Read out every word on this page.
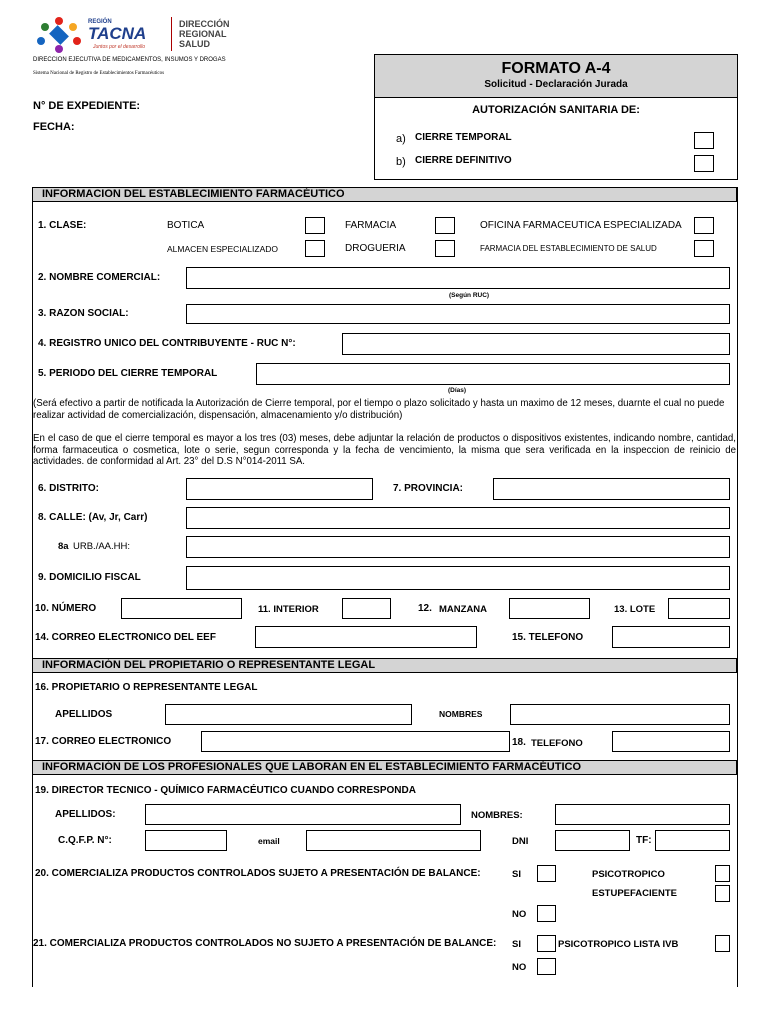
REGIÓN
TACNA
Juntos por el desarrollo
DIRECCIÓN
REGIONAL
SALUD
DIRECCION EJECUTIVA DE MEDICAMENTOS, INSUMOS Y DROGAS
Sistema Nacional de Registro de Establecimientos Farmacéuticos
N° DE EXPEDIENTE:
FECHA:
FORMATO A-4
Solicitud - Declaración Jurada
AUTORIZACIÓN SANITARIA DE:
a) CIERRE TEMPORAL
b) CIERRE DEFINITIVO
INFORMACION DEL ESTABLECIMIENTO FARMACÉUTICO
1. CLASE:	BOTICA	FARMACIA	OFICINA FARMACEUTICA ESPECIALIZADA
ALMACEN ESPECIALIZADO	DROGUERIA	FARMACIA DEL ESTABLECIMIENTO DE SALUD
2. NOMBRE COMERCIAL:
(Según RUC)
3. RAZON SOCIAL:
4. REGISTRO UNICO DEL CONTRIBUYENTE - RUC N°:
5. PERIODO DEL CIERRE TEMPORAL
(Días)
(Será efectivo a partir de notificada la Autorización de Cierre temporal, por el tiempo o plazo solicitado y hasta un maximo de 12 meses, duarnte el cual no puede realizar actividad de comercialización, dispensación, almacenamiento y/o distribución)
En el caso de que el cierre temporal es mayor a los tres (03) meses, debe adjuntar la relación de productos o dispositivos existentes, indicando nombre, cantidad, forma farmaceutica o cosmetica, lote o serie, segun corresponda y la fecha de vencimiento, la misma que sera verificada en la inspeccion de reinicio de actividades. de conformidad al Art. 23° del D.S N°014-2011 SA.
6. DISTRITO:	7. PROVINCIA:
8. CALLE: (Av, Jr, Carr)
8a URB./AA.HH:
9. DOMICILIO FISCAL
10. NÚMERO	11. INTERIOR	12. MANZANA	13. LOTE
14. CORREO ELECTRONICO DEL EEF	15. TELEFONO
INFORMACIÓN DEL PROPIETARIO O REPRESENTANTE LEGAL
16. PROPIETARIO O REPRESENTANTE LEGAL
APELLIDOS	NOMBRES
17. CORREO ELECTRONICO	18. TELEFONO
INFORMACIÓN DE LOS PROFESIONALES QUE LABORAN EN EL ESTABLECIMIENTO FARMACÉUTICO
19. DIRECTOR TECNICO - QUÍMICO FARMACÉUTICO CUANDO CORRESPONDA
APELLIDOS:	NOMBRES:
C.Q.F.P. N°:	email	DNI	TF:
20. COMERCIALIZA PRODUCTOS CONTROLADOS SUJETO A PRESENTACIÓN DE BALANCE:	SI	PSICOTROPICO
ESTUPEFACIENTE
NO
21. COMERCIALIZA PRODUCTOS CONTROLADOS NO SUJETO A PRESENTACIÓN DE BALANCE: SI	PSICOTROPICO LISTA IVB
NO
